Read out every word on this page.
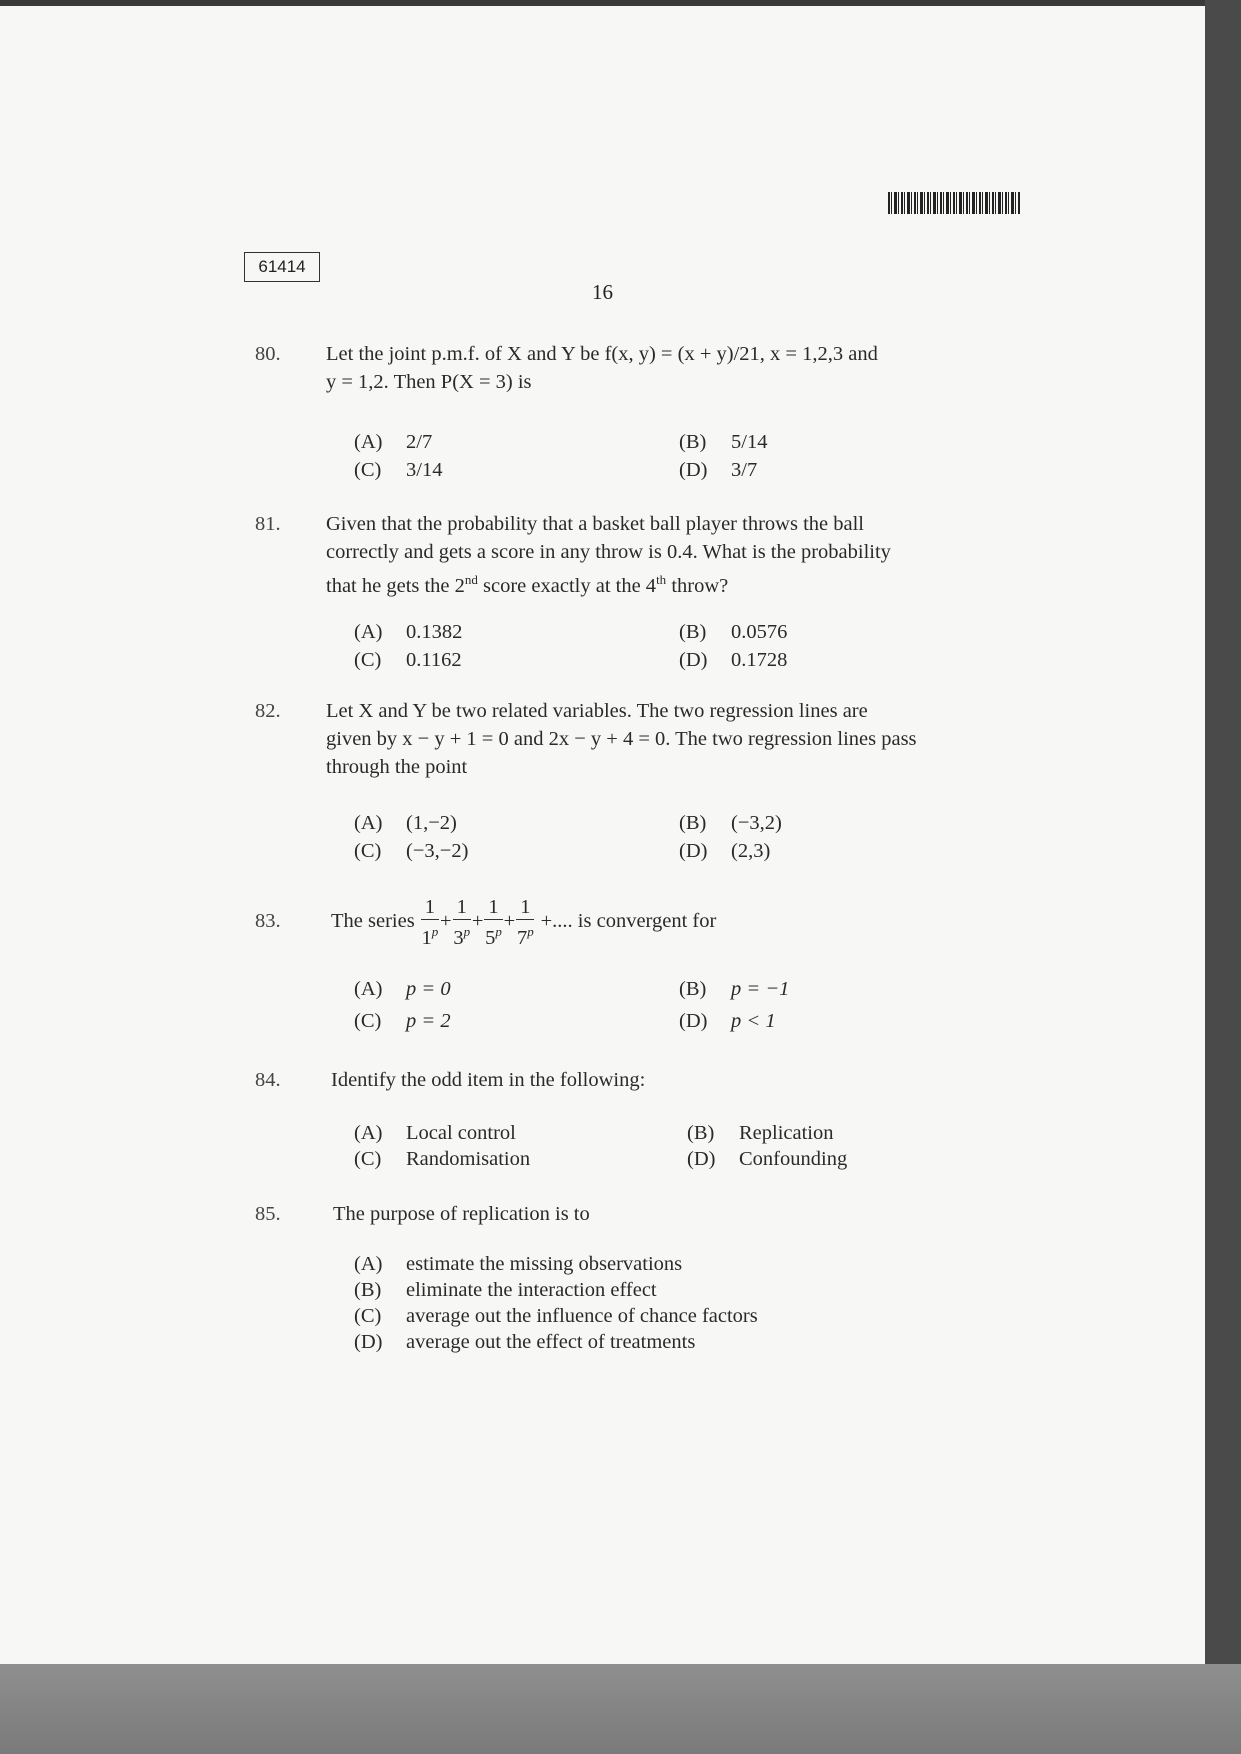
61414
16
80. Let the joint p.m.f. of X and Y be f(x, y) = (x + y)/21, x = 1,2,3 and
y = 1,2. Then P(X = 3) is
(A) 2/7	(B) 5/14
(C) 3/14	(D) 3/7
81. Given that the probability that a basket ball player throws the ball
correctly and gets a score in any throw is 0.4. What is the probability
that he gets the 2nd score exactly at the 4th throw?
(A) 0.1382	(B) 0.0576
(C) 0.1162	(D) 0.1728
82. Let X and Y be two related variables. The two regression lines are
given by x − y + 1 = 0 and 2x − y + 4 = 0. The two regression lines pass
through the point
(A) (1,−2)	(B) (−3,2)
(C) (−3,−2)	(D) (2,3)
83. The series $\frac{1}{1^p} + \frac{1}{3^p} + \frac{1}{5^p} + \frac{1}{7^p}$ +.... is convergent for
(A) p = 0	(B) p = −1
(C) p = 2	(D) p < 1
84. Identify the odd item in the following:
(A) Local control	(B) Replication
(C) Randomisation	(D) Confounding
85.	The purpose of replication is to
(A) estimate the missing observations
(B) eliminate the interaction effect
(C) average out the influence of chance factors
(D) average out the effect of treatments
